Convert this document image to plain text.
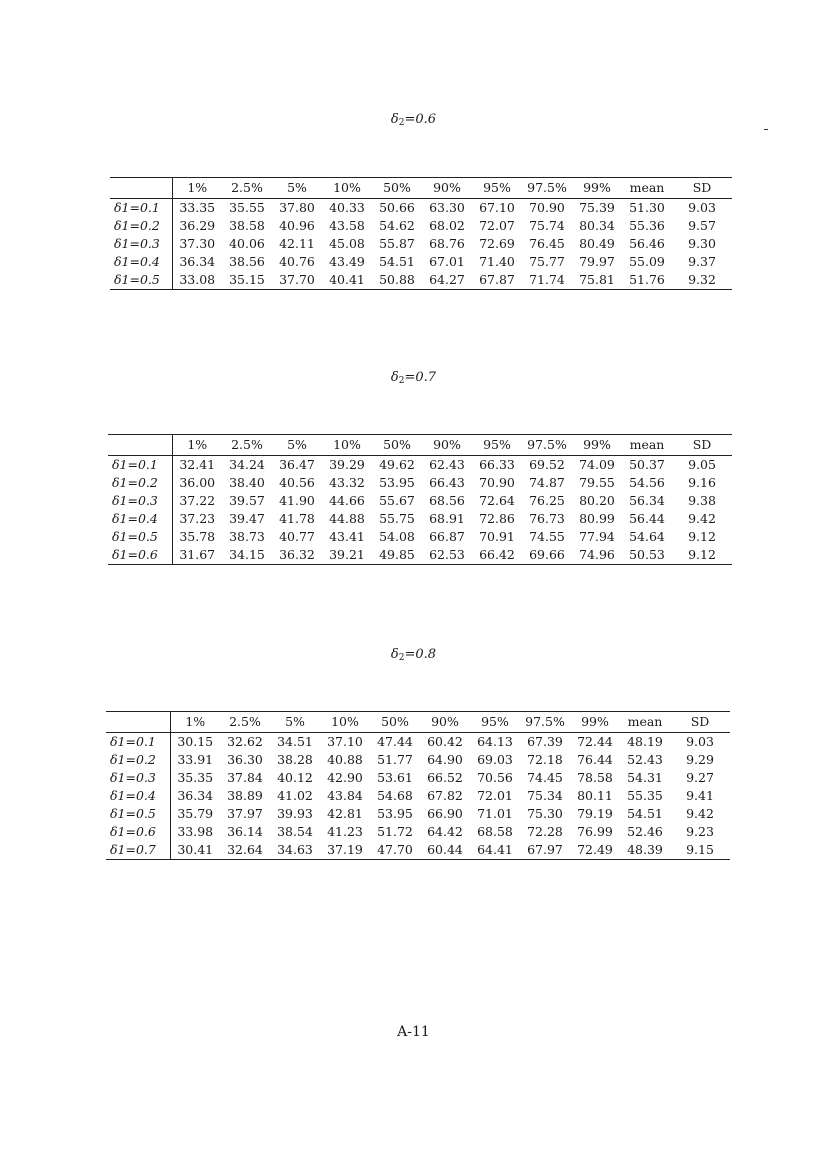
$\delta_2=0.6$
	1%	2.5%	5%	10%	50%	90%	95%	97.5%	99%	mean	SD
δ1=0.1	33.35	35.55	37.80	40.33	50.66	63.30	67.10	70.90	75.39	51.30	9.03
δ1=0.2	36.29	38.58	40.96	43.58	54.62	68.02	72.07	75.74	80.34	55.36	9.57
δ1=0.3	37.30	40.06	42.11	45.08	55.87	68.76	72.69	76.45	80.49	56.46	9.30
δ1=0.4	36.34	38.56	40.76	43.49	54.51	67.01	71.40	75.77	79.97	55.09	9.37
δ1=0.5	33.08	35.15	37.70	40.41	50.88	64.27	67.87	71.74	75.81	51.76	9.32
$\delta_2=0.7$
	1%	2.5%	5%	10%	50%	90%	95%	97.5%	99%	mean	SD
δ1=0.1	32.41	34.24	36.47	39.29	49.62	62.43	66.33	69.52	74.09	50.37	9.05
δ1=0.2	36.00	38.40	40.56	43.32	53.95	66.43	70.90	74.87	79.55	54.56	9.16
δ1=0.3	37.22	39.57	41.90	44.66	55.67	68.56	72.64	76.25	80.20	56.34	9.38
δ1=0.4	37.23	39.47	41.78	44.88	55.75	68.91	72.86	76.73	80.99	56.44	9.42
δ1=0.5	35.78	38.73	40.77	43.41	54.08	66.87	70.91	74.55	77.94	54.64	9.12
δ1=0.6	31.67	34.15	36.32	39.21	49.85	62.53	66.42	69.66	74.96	50.53	9.12
$\delta_2=0.8$
	1%	2.5%	5%	10%	50%	90%	95%	97.5%	99%	mean	SD
δ1=0.1	30.15	32.62	34.51	37.10	47.44	60.42	64.13	67.39	72.44	48.19	9.03
δ1=0.2	33.91	36.30	38.28	40.88	51.77	64.90	69.03	72.18	76.44	52.43	9.29
δ1=0.3	35.35	37.84	40.12	42.90	53.61	66.52	70.56	74.45	78.58	54.31	9.27
δ1=0.4	36.34	38.89	41.02	43.84	54.68	67.82	72.01	75.34	80.11	55.35	9.41
δ1=0.5	35.79	37.97	39.93	42.81	53.95	66.90	71.01	75.30	79.19	54.51	9.42
δ1=0.6	33.98	36.14	38.54	41.23	51.72	64.42	68.58	72.28	76.99	52.46	9.23
δ1=0.7	30.41	32.64	34.63	37.19	47.70	60.44	64.41	67.97	72.49	48.39	9.15
A-11
